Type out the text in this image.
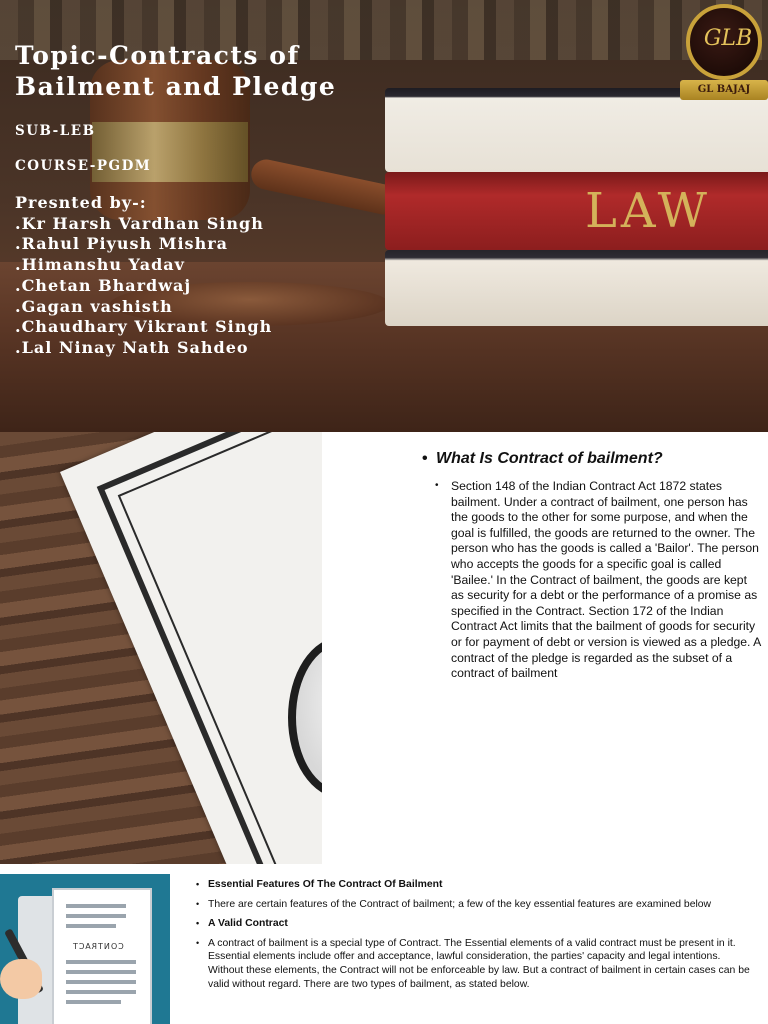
LAW
GLB
GL BAJAJ
Topic-Contracts of Bailment and Pledge
SUB-LEB
COURSE-PGDM
Presnted by-:
.Kr Harsh Vardhan Singh
.Rahul Piyush Mishra
.Himanshu Yadav
.Chetan Bhardwaj
.Gagan vashisth
.Chaudhary Vikrant Singh
.Lal Ninay Nath Sahdeo
• What Is Contract of bailment?
• Section 148 of the Indian Contract Act 1872 states bailment. Under a contract of bailment, one person has the goods to the other for some purpose, and when the goal is fulfilled, the goods are returned to the owner. The person who has the goods is called a 'Bailor'. The person who accepts the goods for a specific goal is called 'Bailee.' In the Contract of bailment, the goods are kept as security for a debt or the performance of a promise as specified in the Contract. Section 172 of the Indian Contract Act limits that the bailment of goods for security or for payment of debt or version is viewed as a pledge. A contract of the pledge is regarded as the subset of a contract of bailment
CONTRACT
• Essential Features Of The Contract Of Bailment
• There are certain features of the Contract of bailment; a few of the key essential features are examined below
• A Valid Contract
• A contract of bailment is a special type of Contract. The Essential elements of a valid contract must be present in it. Essential elements include offer and acceptance, lawful consideration, the parties' capacity and legal intentions. Without these elements, the Contract will not be enforceable by law. But a contract of bailment in certain cases can be valid without regard. There are two types of bailment, as stated below.
